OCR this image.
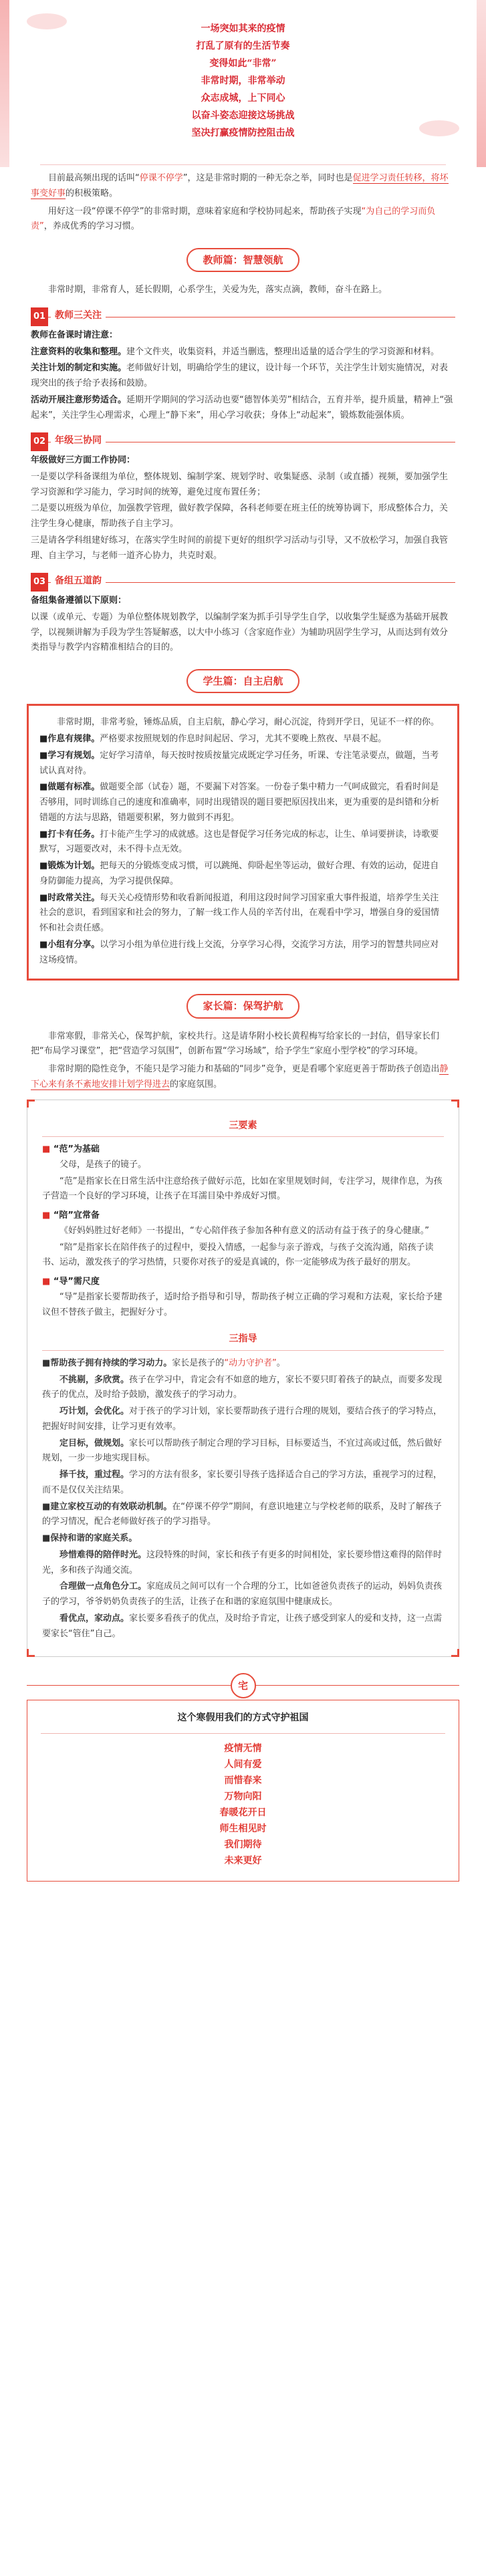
一场突如其来的疫情
打乱了原有的生活节奏
变得如此“非常”
非常时期，非常举动
众志成城，上下同心
以奋斗姿态迎接这场挑战
坚决打赢疫情防控阻击战

目前最高频出现的话叫“停课不停学”，这是非常时期的一种无奈之举，同时也是促进学习责任转移，将坏事变好事的积极策略。

用好这一段“停课不停学”的非常时期，意味着家庭和学校协同起来，帮助孩子实现“为自己的学习而负责”，养成优秀的学习习惯。

教师篇：智慧领航

非常时期，非常育人，延长假期，心系学生，关爱为先，落实点滴，教师，奋斗在路上。

01 教师三关注

教师在备课时请注意：

注意资料的收集和整理。建个文件夹，收集资料，并适当删选，整理出适量的适合学生的学习资源和材料。

关注计划的制定和实施。老师做好计划，明确给学生的建议，设计每一个环节，关注学生计划实施情况，对表现突出的孩子给予表扬和鼓励。

活动开展注意形势适合。延期开学期间的学习活动也要“德智体美劳”相结合，五育并举，提升质量，精神上“强起来”，关注学生心理需求，心理上“静下来”，用心学习收获；身体上“动起来”，锻炼数能强体质。

02 年级三协同

年级做好三方面工作协同：

一是要以学科备课组为单位，整体规划、编制学案、规划学时、收集疑惑、录制（或直播）视频，要加强学生学习资源和学习能力，学习时间的统筹，避免过度布置任务；

二是要以班级为单位，加强教学管理，做好教学保障，各科老师要在班主任的统筹协调下，形成整体合力，关注学生身心健康，帮助孩子自主学习。

三是请各学科组建好练习，在落实学生时间的前提下更好的组织学习活动与引导，又不放松学习，加强自我管理、自主学习，与老师一道齐心协力，共克时艰。

03 备组五道韵

备组集备遵循以下原则：

以课（或单元、专题）为单位整体规划教学，以编制学案为抓手引导学生自学，以收集学生疑惑为基础开展教学，以视频讲解为手段为学生答疑解惑，以大中小练习（含家庭作业）为辅助巩固学生学习，从而达到有效分类指导与教学内容精准相结合的目的。

学生篇：自主启航

非常时期，非常考验，锤炼品质，自主启航，静心学习，耐心沉淀，待到开学日，见证不一样的你。

■作息有规律。严格要求按照规划的作息时间起居、学习，尤其不要晚上熬夜、早晨不起。

■学习有规划。定好学习清单，每天按时按质按量完成既定学习任务，听课、专注笔录要点，做题，当考试认真对待。

■做题有标准。做题要全部（试卷）题，不要漏下对答案。一份卷子集中精力一气呵成做完，看看时间是否够用，同时训练自己的速度和准确率，同时出现错误的题目要把原因找出来，更为重要的是纠错和分析错题的方法与思路，错题要积累，努力做到不再犯。

■打卡有任务。打卡能产生学习的成就感。这也是督促学习任务完成的标志，让生、单词要拼读，诗歌要默写，习题要改对，未不得卡点无效。

■锻炼为计划。把每天的分锻炼变成习惯，可以跳绳、仰卧起坐等运动，做好合理、有效的运动，促进自身防御能力提高，为学习提供保障。

■时政常关注。每天关心疫情形势和收看新闻报道，利用这段时间学习国家重大事件报道，培养学生关注社会的意识，看到国家和社会的努力，了解一线工作人员的辛苦付出，在观看中学习，增强自身的爱国情怀和社会责任感。

■小组有分享。以学习小组为单位进行线上交流，分享学习心得，交流学习方法，用学习的智慧共同应对这场疫情。

家长篇：保驾护航

非常寒假，非常关心，保驾护航，家校共行。这是请华附小校长黄程梅写给家长的一封信，倡导家长们把“布局学习课堂”，把“营造学习氛围”，创新布置“学习场域”，给予学生“家庭小型学校”的学习环境。

非常时期的隐性竞争，不能只是学习能力和基础的“同步”竞争，更是看哪个家庭更善于帮助孩子创造出静下心来有条不紊地安排计划学得进去的家庭氛围。

三要素
■ “范”为基础

父母，是孩子的镜子。

“范”是指家长在日常生活中注意给孩子做好示范，比如在家里规划时间，专注学习，规律作息，为孩子营造一个良好的学习环境，让孩子在耳濡目染中养成好习惯。

■ “陪”宜常备

《好妈妈胜过好老师》一书提出，“专心陪伴孩子参加各种有意义的活动有益于孩子的身心健康。”

“陪”是指家长在陪伴孩子的过程中，要投入情感，一起参与亲子游戏，与孩子交流沟通，陪孩子读书、运动，激发孩子的学习热情，只要你对孩子的爱是真诚的，你一定能够成为孩子最好的朋友。

■ “导”需尺度

“导”是指家长要帮助孩子，适时给予指导和引导，帮助孩子树立正确的学习观和方法观，家长给予建议但不替孩子做主，把握好分寸。

三指导

■帮助孩子拥有持续的学习动力。家长是孩子的“动力守护者”。

不挑剔，多欣赏。孩子在学习中，肯定会有不如意的地方，家长不要只盯着孩子的缺点，而要多发现孩子的优点，及时给予鼓励，激发孩子的学习动力。

巧计划，会优化。对于孩子的学习计划，家长要帮助孩子进行合理的规划，要结合孩子的学习特点，把握好时间安排，让学习更有效率。

定目标，做规划。家长可以帮助孩子制定合理的学习目标，目标要适当，不宜过高或过低，然后做好规划，一步一步地实现目标。

择千技，重过程。学习的方法有很多，家长要引导孩子选择适合自己的学习方法，重视学习的过程，而不是仅仅关注结果。

■建立家校互动的有效联动机制。在“停课不停学”期间，有意识地建立与学校老师的联系，及时了解孩子的学习情况，配合老师做好孩子的学习指导。

■保持和谐的家庭关系。

珍惜难得的陪伴时光。这段特殊的时间，家长和孩子有更多的时间相处，家长要珍惜这难得的陪伴时光，多和孩子沟通交流。

合理做一点角色分工。家庭成员之间可以有一个合理的分工，比如爸爸负责孩子的运动，妈妈负责孩子的学习，爷爷奶奶负责孩子的生活，让孩子在和谐的家庭氛围中健康成长。

看优点，家动点。家长要多看孩子的优点，及时给予肯定，让孩子感受到家人的爱和支持，这一点需要家长“管住”自己。

宅
这个寒假用我们的方式守护祖国
疫情无情
人间有爱
而惜春来
万物向阳
春暖花开日
师生相见时
我们期待
未来更好
